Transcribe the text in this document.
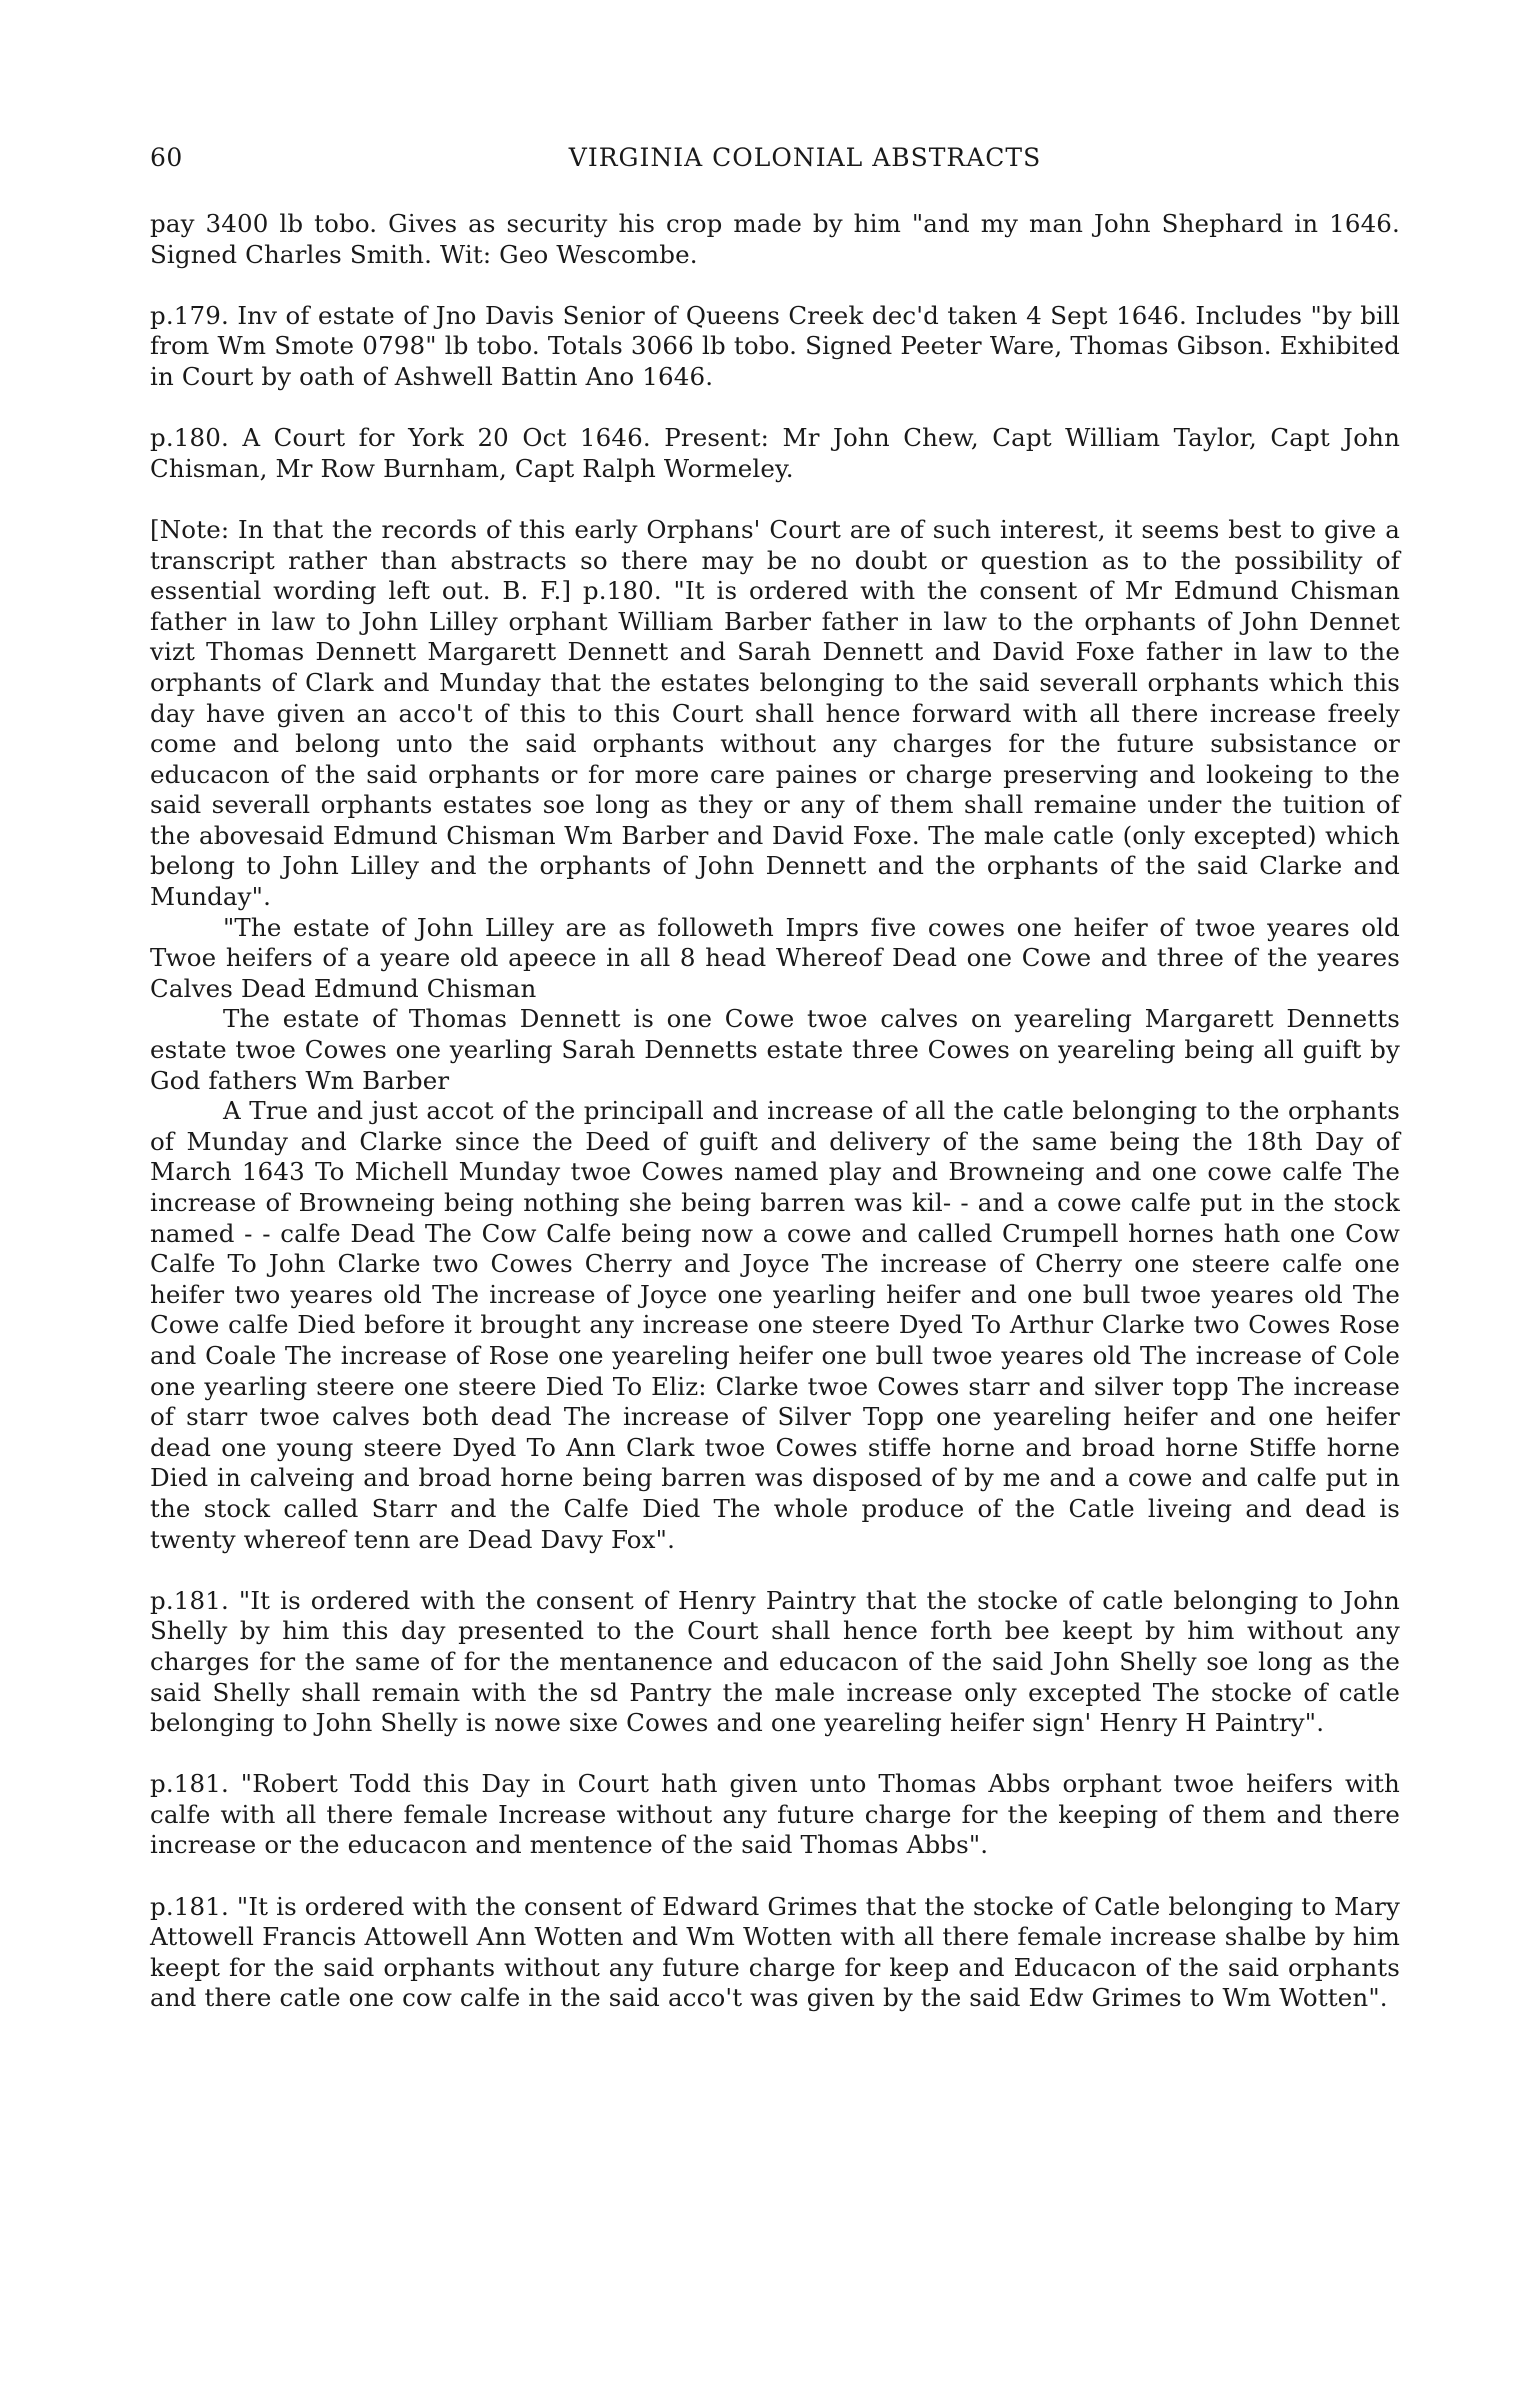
60	VIRGINIA COLONIAL ABSTRACTS

pay 3400 lb tobo. Gives as security his crop made by him "and my man John Shephard in 1646. Signed Charles Smith. Wit: Geo Wescombe.

p.179. Inv of estate of Jno Davis Senior of Queens Creek dec'd taken 4 Sept 1646. Includes "by bill from Wm Smote 0798" lb tobo. Totals 3066 lb tobo. Signed Peeter Ware, Thomas Gibson. Exhibited in Court by oath of Ashwell Battin Ano 1646.

p.180. A Court for York 20 Oct 1646. Present: Mr John Chew, Capt William Taylor, Capt John Chisman, Mr Row Burnham, Capt Ralph Wormeley.

[Note: In that the records of this early Orphans' Court are of such interest, it seems best to give a transcript rather than abstracts so there may be no doubt or question as to the possibility of essential wording left out. B. F.] p.180. "It is ordered with the consent of Mr Edmund Chisman father in law to John Lilley orphant William Barber father in law to the orphants of John Dennet vizt Thomas Dennett Margarett Dennett and Sarah Dennett and David Foxe father in law to the orphants of Clark and Munday that the estates belonging to the said severall orphants which this day have given an acco't of this to this Court shall hence forward with all there increase freely come and belong unto the said orphants without any charges for the future subsistance or educacon of the said orphants or for more care paines or charge preserving and lookeing to the said severall orphants estates soe long as they or any of them shall remaine under the tuition of the abovesaid Edmund Chisman Wm Barber and David Foxe. The male catle (only excepted) which belong to John Lilley and the orphants of John Dennett and the orphants of the said Clarke and Munday".

"The estate of John Lilley are as followeth Imprs five cowes one heifer of twoe yeares old Twoe heifers of a yeare old apeece in all 8 head Whereof Dead one Cowe and three of the yeares Calves Dead Edmund Chisman

The estate of Thomas Dennett is one Cowe twoe calves on yeareling Margarett Dennetts estate twoe Cowes one yearling Sarah Dennetts estate three Cowes on yeareling being all guift by God fathers Wm Barber

A True and just accot of the principall and increase of all the catle belonging to the orphants of Munday and Clarke since the Deed of guift and delivery of the same being the 18th Day of March 1643 To Michell Munday twoe Cowes named play and Browneing and one cowe calfe The increase of Browneing being nothing she being barren was kil- - and a cowe calfe put in the stock named - - calfe Dead The Cow Calfe being now a cowe and called Crumpell hornes hath one Cow Calfe To John Clarke two Cowes Cherry and Joyce The increase of Cherry one steere calfe one heifer two yeares old The increase of Joyce one yearling heifer and one bull twoe yeares old The Cowe calfe Died before it brought any increase one steere Dyed To Arthur Clarke two Cowes Rose and Coale The increase of Rose one yeareling heifer one bull twoe yeares old The increase of Cole one yearling steere one steere Died To Eliz: Clarke twoe Cowes starr and silver topp The increase of starr twoe calves both dead The increase of Silver Topp one yeareling heifer and one heifer dead one young steere Dyed To Ann Clark twoe Cowes stiffe horne and broad horne Stiffe horne Died in calveing and broad horne being barren was disposed of by me and a cowe and calfe put in the stock called Starr and the Calfe Died The whole produce of the Catle liveing and dead is twenty whereof tenn are Dead Davy Fox".

p.181. "It is ordered with the consent of Henry Paintry that the stocke of catle belonging to John Shelly by him this day presented to the Court shall hence forth bee keept by him without any charges for the same of for the mentanence and educacon of the said John Shelly soe long as the said Shelly shall remain with the sd Pantry the male increase only excepted The stocke of catle belonging to John Shelly is nowe sixe Cowes and one yeareling heifer sign' Henry H Paintry".

p.181. "Robert Todd this Day in Court hath given unto Thomas Abbs orphant twoe heifers with calfe with all there female Increase without any future charge for the keeping of them and there increase or the educacon and mentence of the said Thomas Abbs".

p.181. "It is ordered with the consent of Edward Grimes that the stocke of Catle belonging to Mary Attowell Francis Attowell Ann Wotten and Wm Wotten with all there female increase shalbe by him keept for the said orphants without any future charge for keep and Educacon of the said orphants and there catle one cow calfe in the said acco't was given by the said Edw Grimes to Wm Wotten".
